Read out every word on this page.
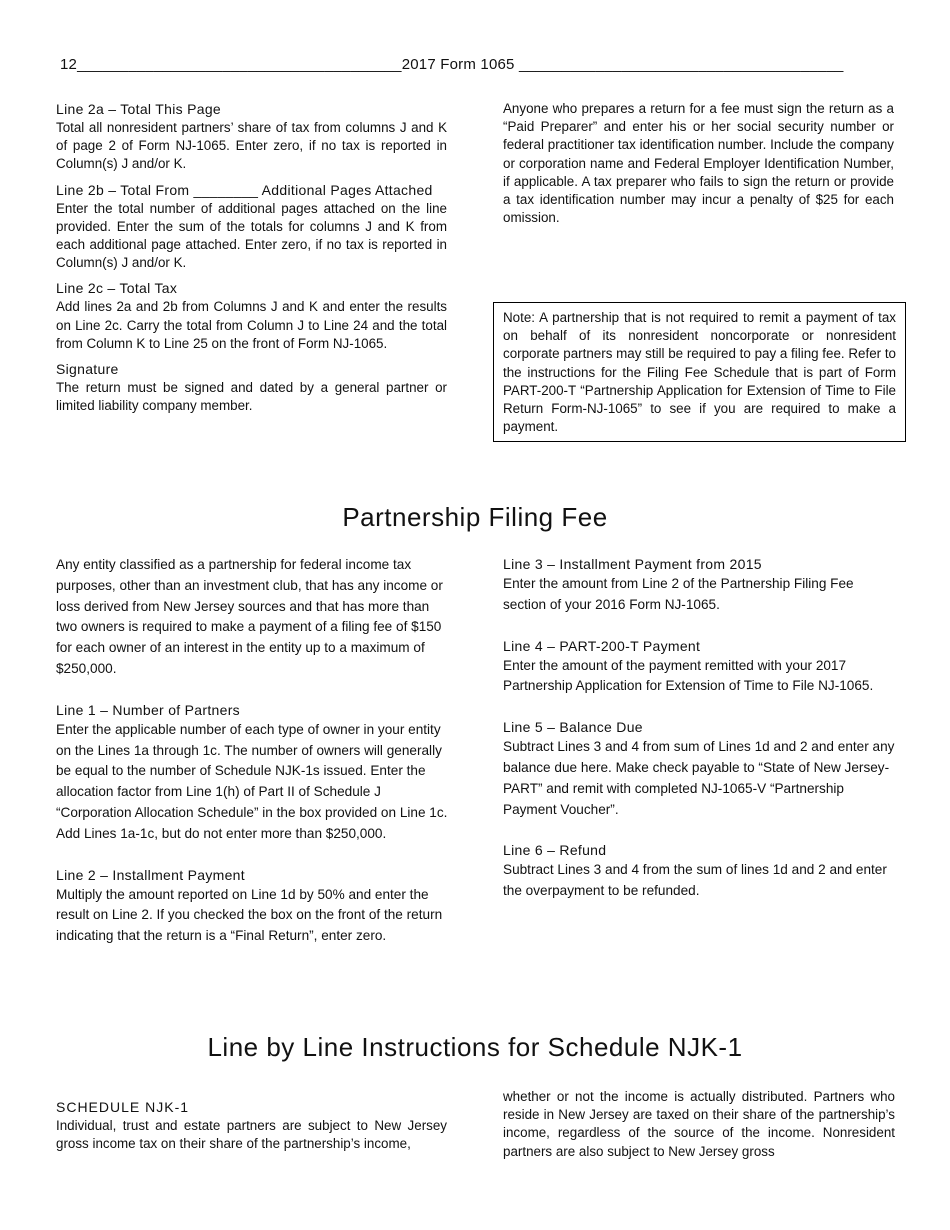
12______________________________________2017 Form 1065 ______________________________________

Line 2a – Total This Page

Total all nonresident partners’ share of tax from columns J and K of page 2 of Form NJ-1065. Enter zero, if no tax is reported in Column(s) J and/or K.

Line 2b – Total From ________ Additional Pages Attached

Enter the total number of additional pages attached on the line provided. Enter the sum of the totals for columns J and K from each additional page attached. Enter zero, if no tax is reported in Column(s) J and/or K.

Line 2c – Total Tax

Add lines 2a and 2b from Columns J and K and enter the results on Line 2c. Carry the total from Column J to Line 24 and the total from Column K to Line 25 on the front of Form NJ-1065.

Signature

The return must be signed and dated by a general partner or limited liability company member.

Anyone who prepares a return for a fee must sign the return as a “Paid Preparer” and enter his or her social security number or federal practitioner tax identification number. Include the company or corporation name and Federal Employer Identification Number, if applicable. A tax preparer who fails to sign the return or provide a tax identification number may incur a penalty of $25 for each omission.

Note: A partnership that is not required to remit a payment of tax on behalf of its nonresident noncorporate or nonresident corporate partners may still be required to pay a filing fee. Refer to the instructions for the Filing Fee Schedule that is part of Form PART-200-T “Partnership Application for Extension of Time to File Return Form-NJ-1065” to see if you are required to make a payment.
Partnership Filing Fee

Any entity classified as a partnership for federal income tax purposes, other than an investment club, that has any income or loss derived from New Jersey sources and that has more than two owners is required to make a payment of a filing fee of $150 for each owner of an interest in the entity up to a maximum of $250,000.

Line 1 – Number of Partners

Enter the applicable number of each type of owner in your entity on the Lines 1a through 1c. The number of owners will generally be equal to the number of Schedule NJK-1s issued. Enter the allocation factor from Line 1(h) of Part II of Schedule J “Corporation Allocation Schedule” in the box provided on Line 1c. Add Lines 1a-1c, but do not enter more than $250,000.

Line 2 – Installment Payment

Multiply the amount reported on Line 1d by 50% and enter the result on Line 2. If you checked the box on the front of the return indicating that the return is a “Final Return”, enter zero.

Line 3 – Installment Payment from 2015

Enter the amount from Line 2 of the Partnership Filing Fee section of your 2016 Form NJ-1065.

Line 4 – PART-200-T Payment

Enter the amount of the payment remitted with your 2017 Partnership Application for Extension of Time to File NJ-1065.

Line 5 – Balance Due

Subtract Lines 3 and 4 from sum of Lines 1d and 2 and enter any balance due here. Make check payable to “State of New Jersey-PART” and remit with completed NJ-1065-V “Partnership Payment Voucher”.

Line 6 – Refund

Subtract Lines 3 and 4 from the sum of lines 1d and 2 and enter the overpayment to be refunded.

Line by Line Instructions for Schedule NJK-1

SCHEDULE NJK-1

Individual, trust and estate partners are subject to New Jersey gross income tax on their share of the partnership’s income,

whether or not the income is actually distributed. Partners who reside in New Jersey are taxed on their share of the partnership’s income, regardless of the source of the income. Nonresident partners are also subject to New Jersey gross
